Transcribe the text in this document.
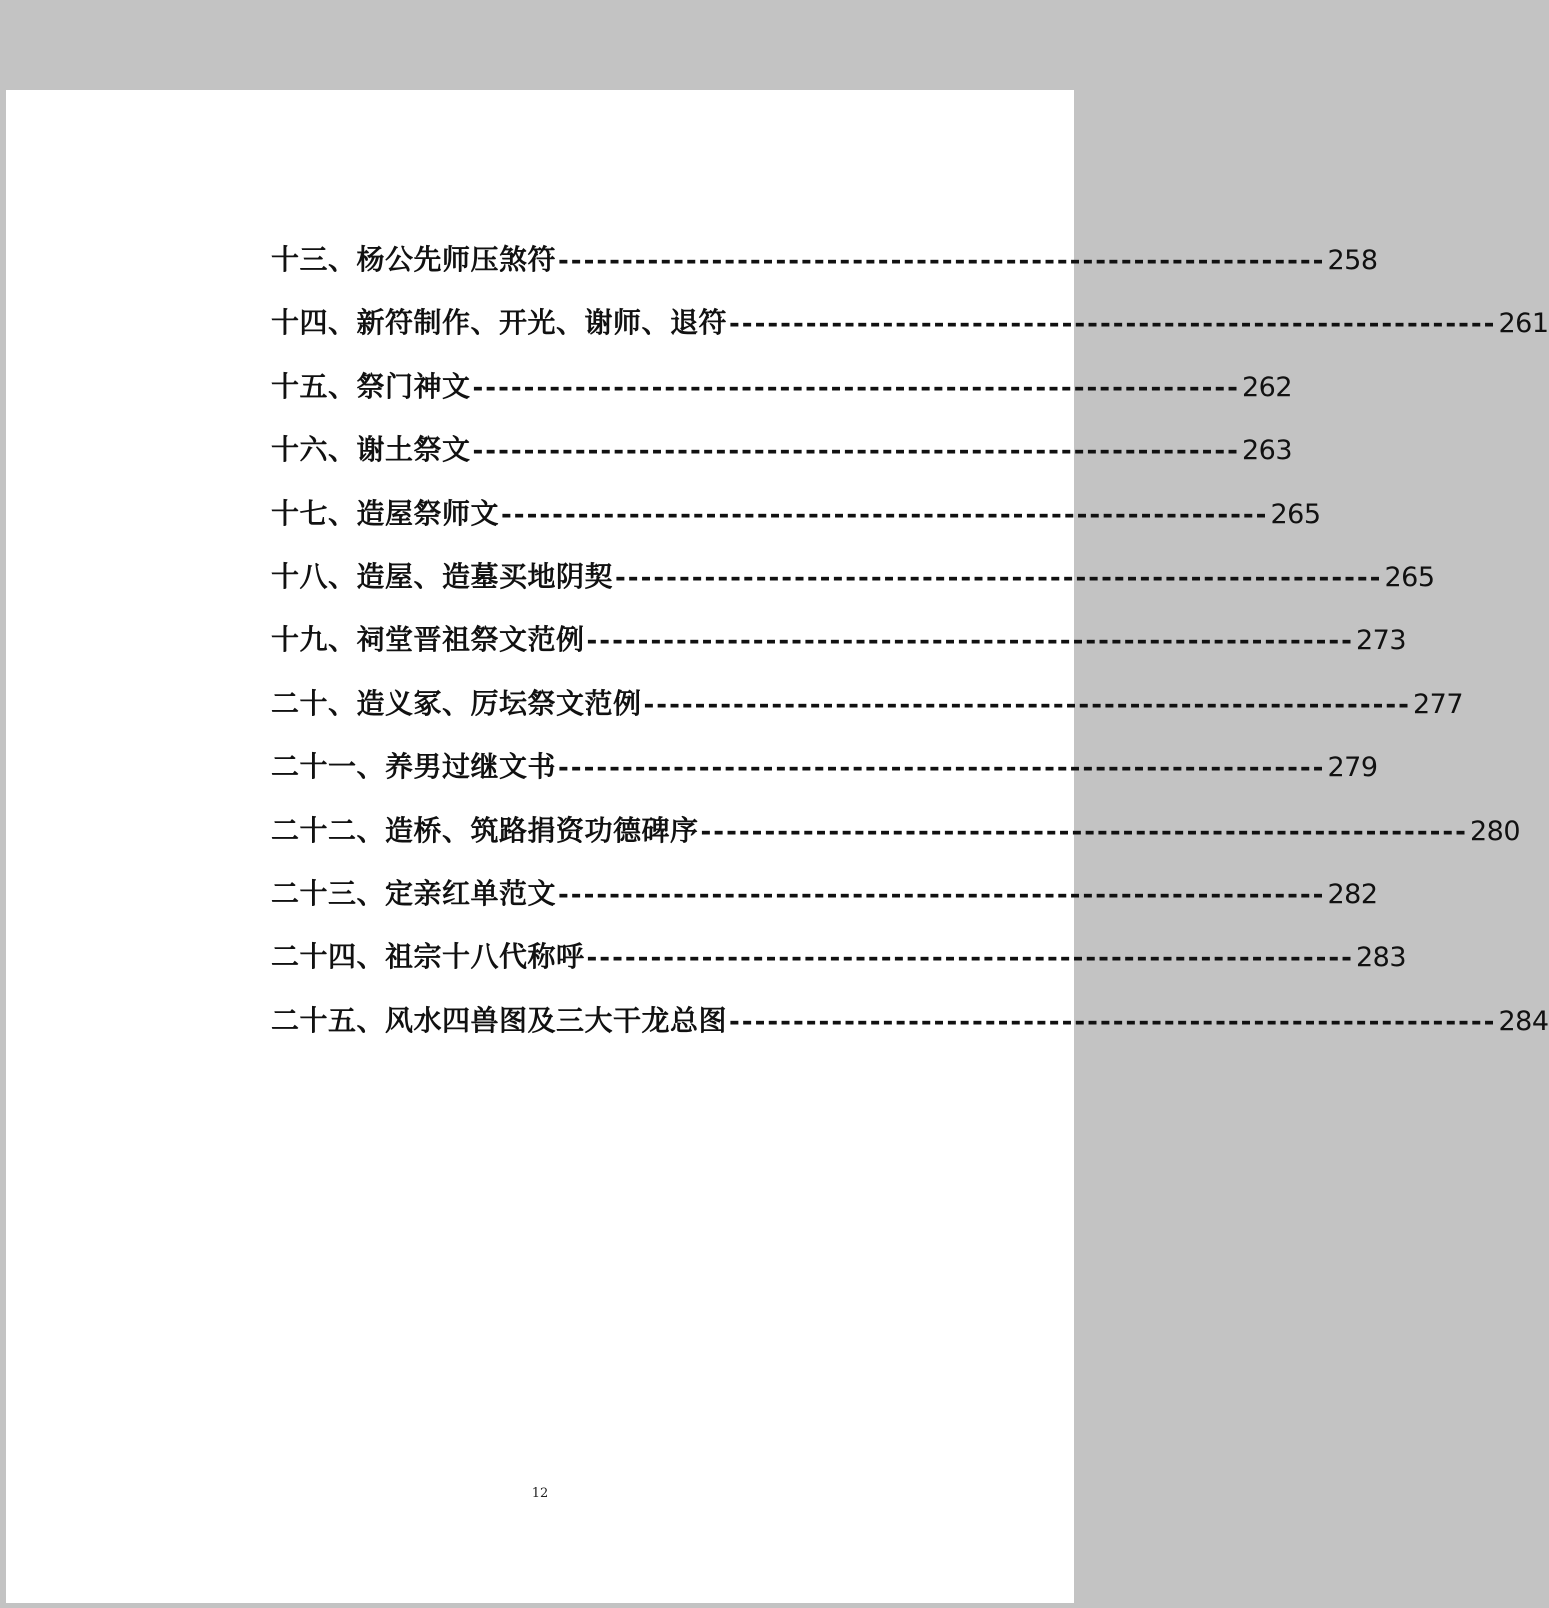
十三、杨公先师压煞符 ------------------------------------------------------------ 258
十四、新符制作、开光、谢师、退符 ------------------------------------------------------------ 261
十五、祭门神文 ------------------------------------------------------------ 262
十六、谢土祭文 ------------------------------------------------------------ 263
十七、造屋祭师文 ------------------------------------------------------------ 265
十八、造屋、造墓买地阴契 ------------------------------------------------------------ 265
十九、祠堂晋祖祭文范例 ------------------------------------------------------------ 273
二十、造义冢、厉坛祭文范例 ------------------------------------------------------------ 277
二十一、养男过继文书 ------------------------------------------------------------ 279
二十二、造桥、筑路捐资功德碑序 ------------------------------------------------------------ 280
二十三、定亲红单范文 ------------------------------------------------------------ 282
二十四、祖宗十八代称呼 ------------------------------------------------------------ 283
二十五、风水四兽图及三大干龙总图 ------------------------------------------------------------ 284
12
